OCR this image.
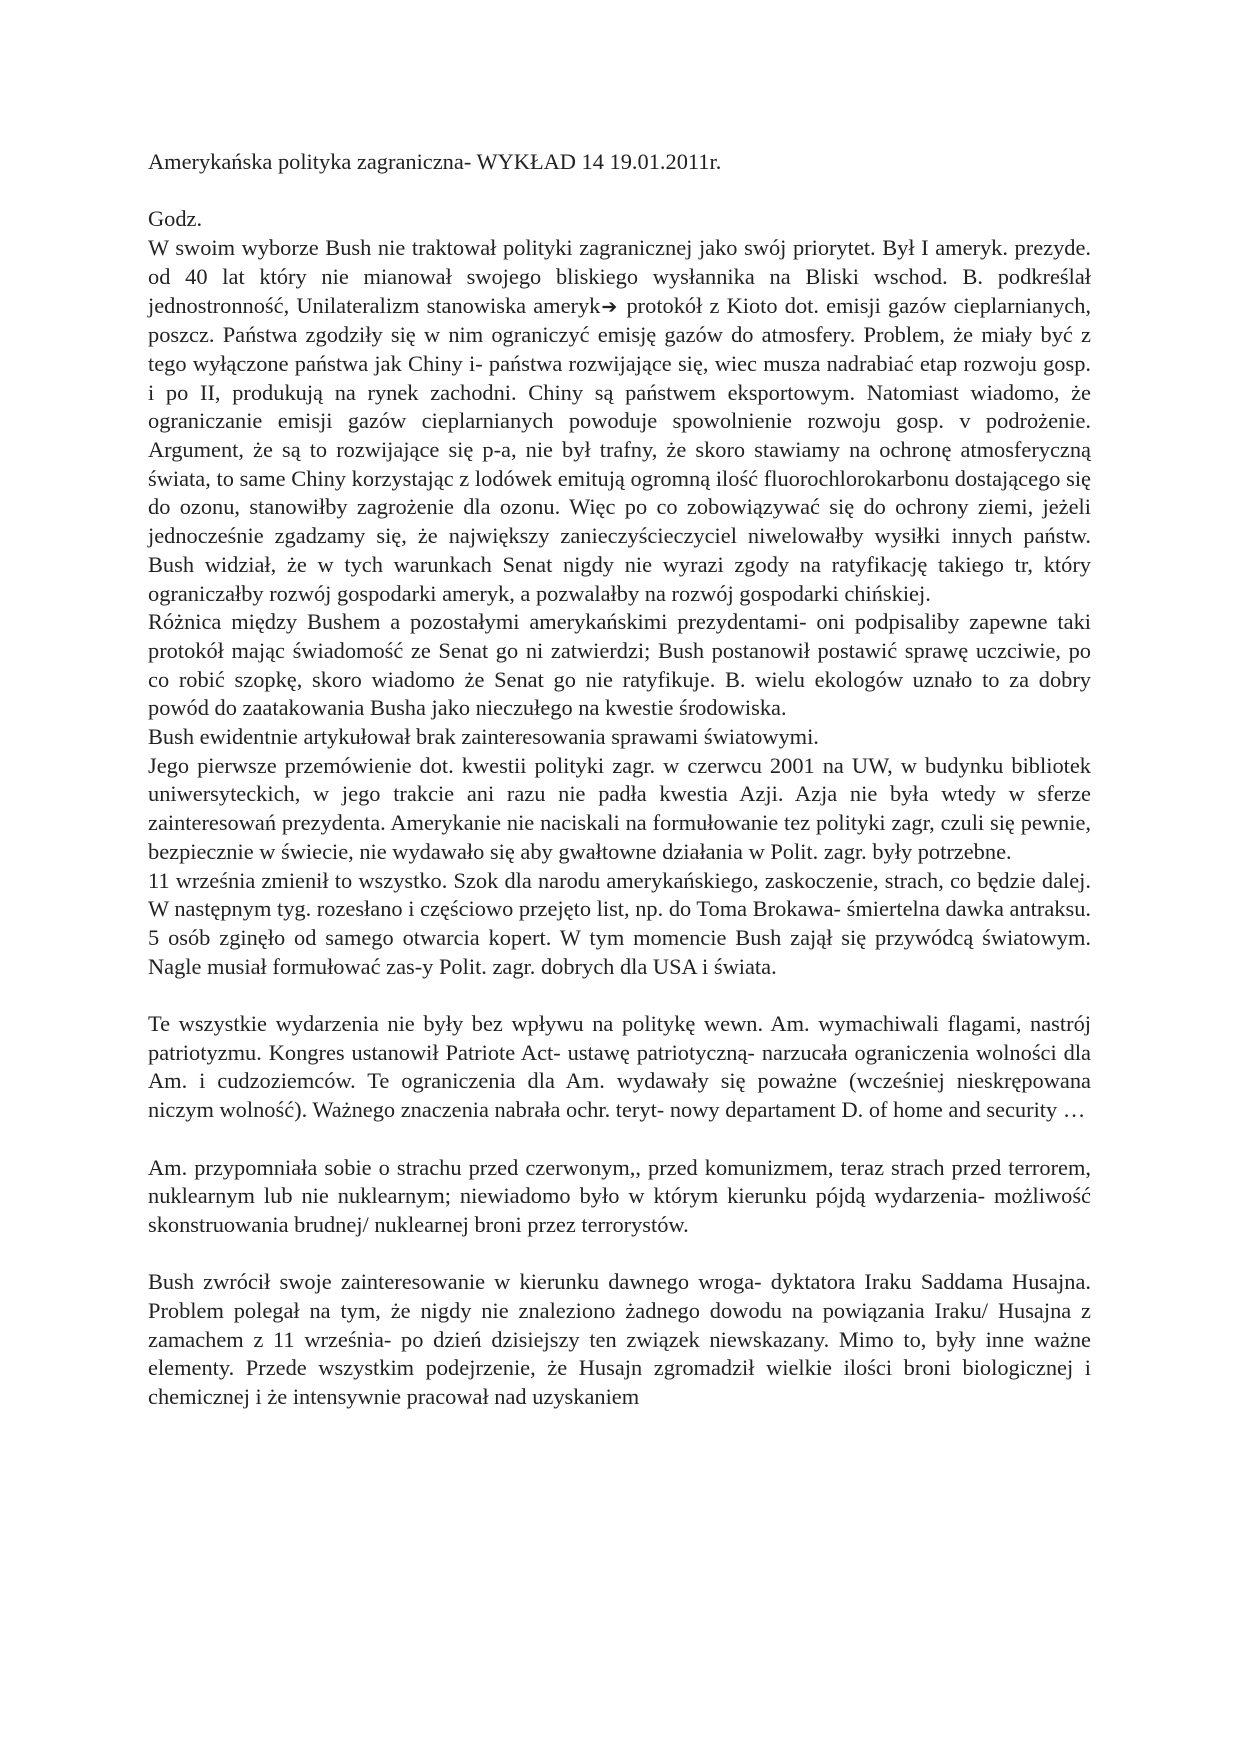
Amerykańska polityka zagraniczna- WYKŁAD 14 19.01.2011r.

Godz.

W swoim wyborze Bush nie traktował polityki zagranicznej jako swój priorytet. Był I ameryk. prezyde. od 40 lat który nie mianował swojego bliskiego wysłannika na Bliski wschod. B. podkreślał jednostronność, Unilateralizm stanowiska ameryk➔ protokół z Kioto dot. emisji gazów cieplarnianych, poszcz. Państwa zgodziły się w nim ograniczyć emisję gazów do atmosfery. Problem, że miały być z tego wyłączone państwa jak Chiny i- państwa rozwijające się, wiec musza nadrabiać etap rozwoju gosp. i po II, produkują na rynek zachodni. Chiny są państwem eksportowym. Natomiast wiadomo, że ograniczanie emisji gazów cieplarnianych powoduje spowolnienie rozwoju gosp. v podrożenie. Argument, że są to rozwijające się p-a, nie był trafny, że skoro stawiamy na ochronę atmosferyczną świata, to same Chiny korzystając z lodówek emitują ogromną ilość fluorochlorokarbonu dostającego się do ozonu, stanowiłby zagrożenie dla ozonu. Więc po co zobowiązywać się do ochrony ziemi, jeżeli jednocześnie zgadzamy się, że największy zanieczyścieczyciel niwelowałby wysiłki innych państw. Bush widział, że w tych warunkach Senat nigdy nie wyrazi zgody na ratyfikację takiego tr, który ograniczałby rozwój gospodarki ameryk, a pozwalałby na rozwój gospodarki chińskiej.

Różnica między Bushem a pozostałymi amerykańskimi prezydentami- oni podpisaliby zapewne taki protokół mając świadomość ze Senat go ni zatwierdzi; Bush postanowił postawić sprawę uczciwie, po co robić szopkę, skoro wiadomo że Senat go nie ratyfikuje. B. wielu ekologów uznało to za dobry powód do zaatakowania Busha jako nieczułego na kwestie środowiska.

Bush ewidentnie artykułował brak zainteresowania sprawami światowymi.

Jego pierwsze przemówienie dot. kwestii polityki zagr. w czerwcu 2001 na UW, w budynku bibliotek uniwersyteckich, w jego trakcie ani razu nie padła kwestia Azji. Azja nie była wtedy w sferze zainteresowań prezydenta. Amerykanie nie naciskali na formułowanie tez polityki zagr, czuli się pewnie, bezpiecznie w świecie, nie wydawało się aby gwałtowne działania w Polit. zagr. były potrzebne.

11 września zmienił to wszystko. Szok dla narodu amerykańskiego, zaskoczenie, strach, co będzie dalej. W następnym tyg. rozesłano i częściowo przejęto list, np. do Toma Brokawa- śmiertelna dawka antraksu. 5 osób zginęło od samego otwarcia kopert. W tym momencie Bush zajął się przywódcą światowym. Nagle musiał formułować zas-y Polit. zagr. dobrych dla USA i świata.

Te wszystkie wydarzenia nie były bez wpływu na politykę wewn. Am. wymachiwali flagami, nastrój patriotyzmu. Kongres ustanowił Patriote Act- ustawę patriotyczną- narzucała ograniczenia wolności dla Am. i cudzoziemców. Te ograniczenia dla Am. wydawały się poważne (wcześniej nieskrępowana niczym wolność). Ważnego znaczenia nabrała ochr. teryt- nowy departament D. of home and security …

Am. przypomniała sobie o strachu przed czerwonym,, przed komunizmem, teraz strach przed terrorem, nuklearnym lub nie nuklearnym; niewiadomo było w którym kierunku pójdą wydarzenia- możliwość skonstruowania brudnej/ nuklearnej broni przez terrorystów.

Bush zwrócił swoje zainteresowanie w kierunku dawnego wroga- dyktatora Iraku Saddama Husajna. Problem polegał na tym, że nigdy nie znaleziono żadnego dowodu na powiązania Iraku/ Husajna z zamachem z 11 września- po dzień dzisiejszy ten związek niewskazany. Mimo to, były inne ważne elementy. Przede wszystkim podejrzenie, że Husajn zgromadził wielkie ilości broni biologicznej i chemicznej i że intensywnie pracował nad uzyskaniem
